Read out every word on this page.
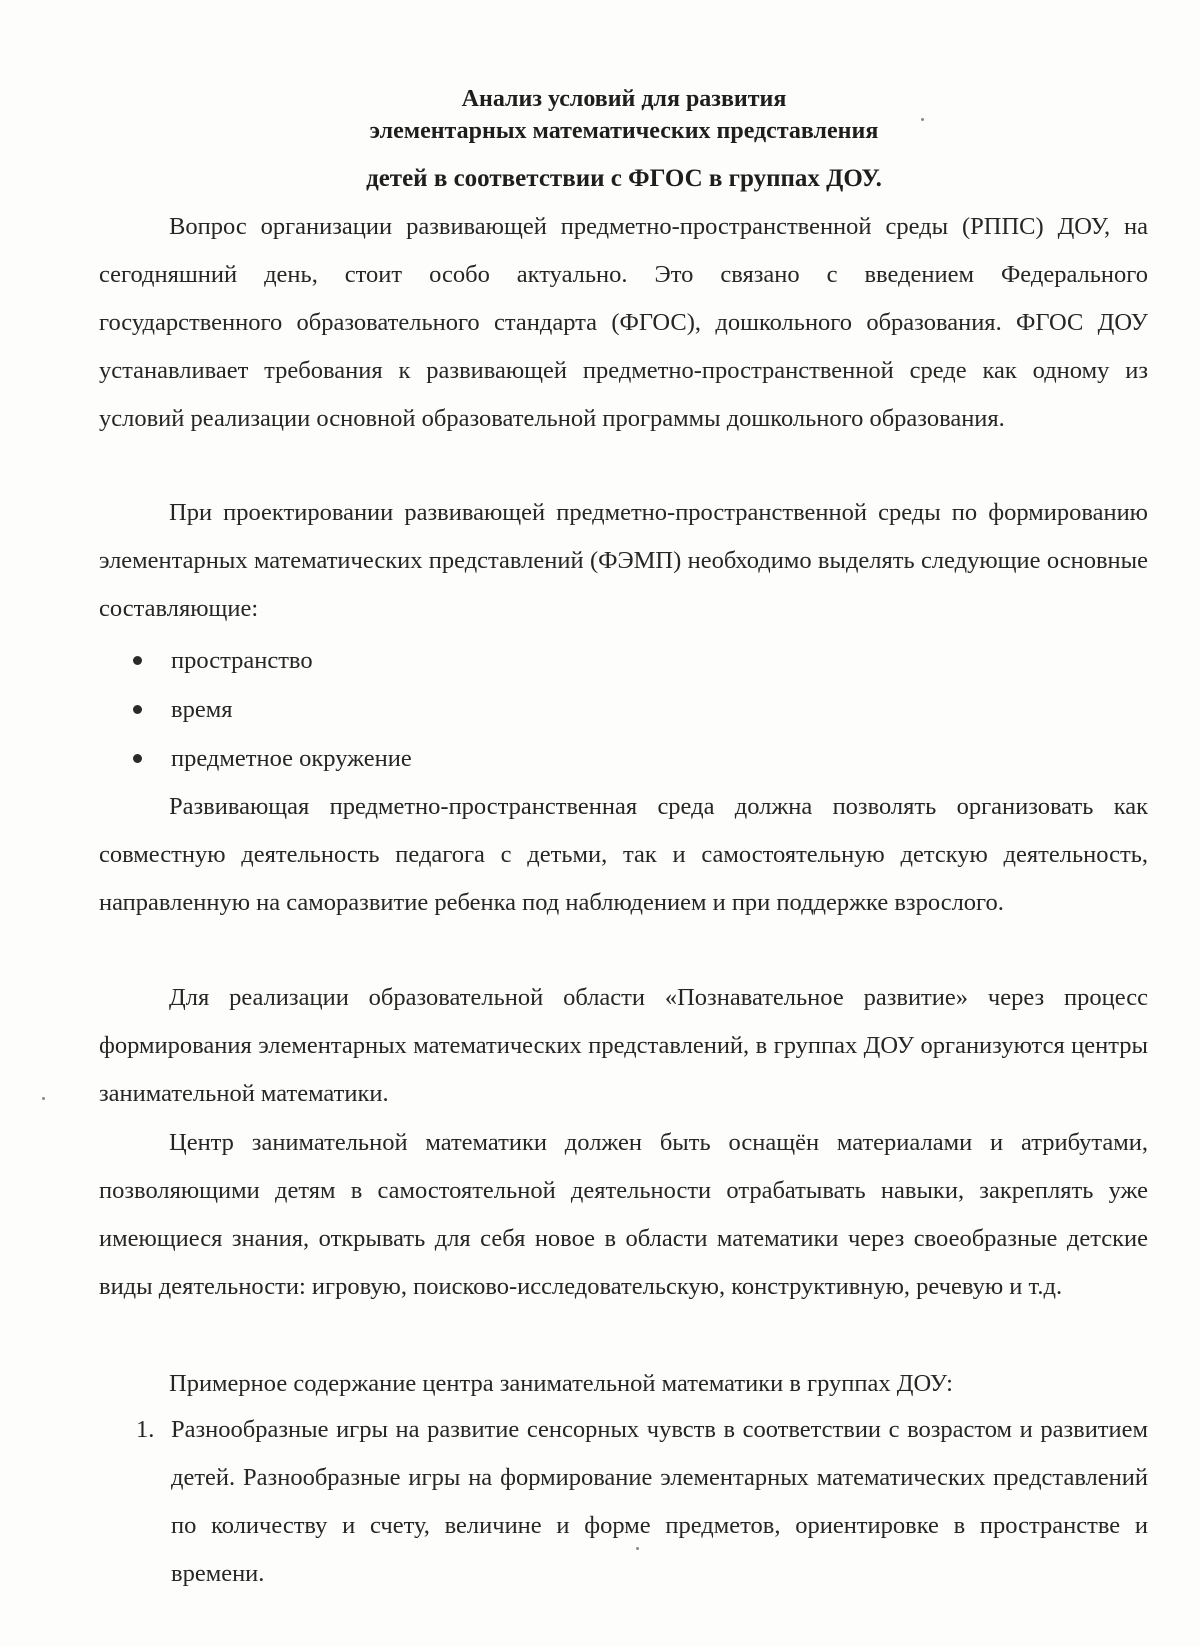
Анализ условий для развития
элементарных математических представления
детей в соответствии с ФГОС в группах ДОУ.

Вопрос организации развивающей предметно-пространственной среды (РППС) ДОУ, на сегодняшний день, стоит особо актуально. Это связано с введением Федерального государственного образовательного стандарта (ФГОС), дошкольного образования. ФГОС ДОУ устанавливает требования к развивающей предметно-пространственной среде как одному из условий реализации основной образовательной программы дошкольного образования.

При проектировании развивающей предметно-пространственной среды по формированию элементарных математических представлений (ФЭМП) необходимо выделять следующие основные составляющие:

пространство
время
предметное окружение

Развивающая предметно-пространственная среда должна позволять организовать как совместную деятельность педагога с детьми, так и самостоятельную детскую деятельность, направленную на саморазвитие ребенка под наблюдением и при поддержке взрослого.

Для реализации образовательной области «Познавательное развитие» через процесс формирования элементарных математических представлений, в группах ДОУ организуются центры занимательной математики.

Центр занимательной математики должен быть оснащён материалами и атрибутами, позволяющими детям в самостоятельной деятельности отрабатывать навыки, закреплять уже имеющиеся знания, открывать для себя новое в области математики через своеобразные детские виды деятельности: игровую, поисково-исследовательскую, конструктивную, речевую и т.д.

Примерное содержание центра занимательной математики в группах ДОУ:

1. Разнообразные игры на развитие сенсорных чувств в соответствии с возрастом и развитием детей. Разнообразные игры на формирование элементарных математических представлений по количеству и счету, величине и форме предметов, ориентировке в пространстве и времени.
